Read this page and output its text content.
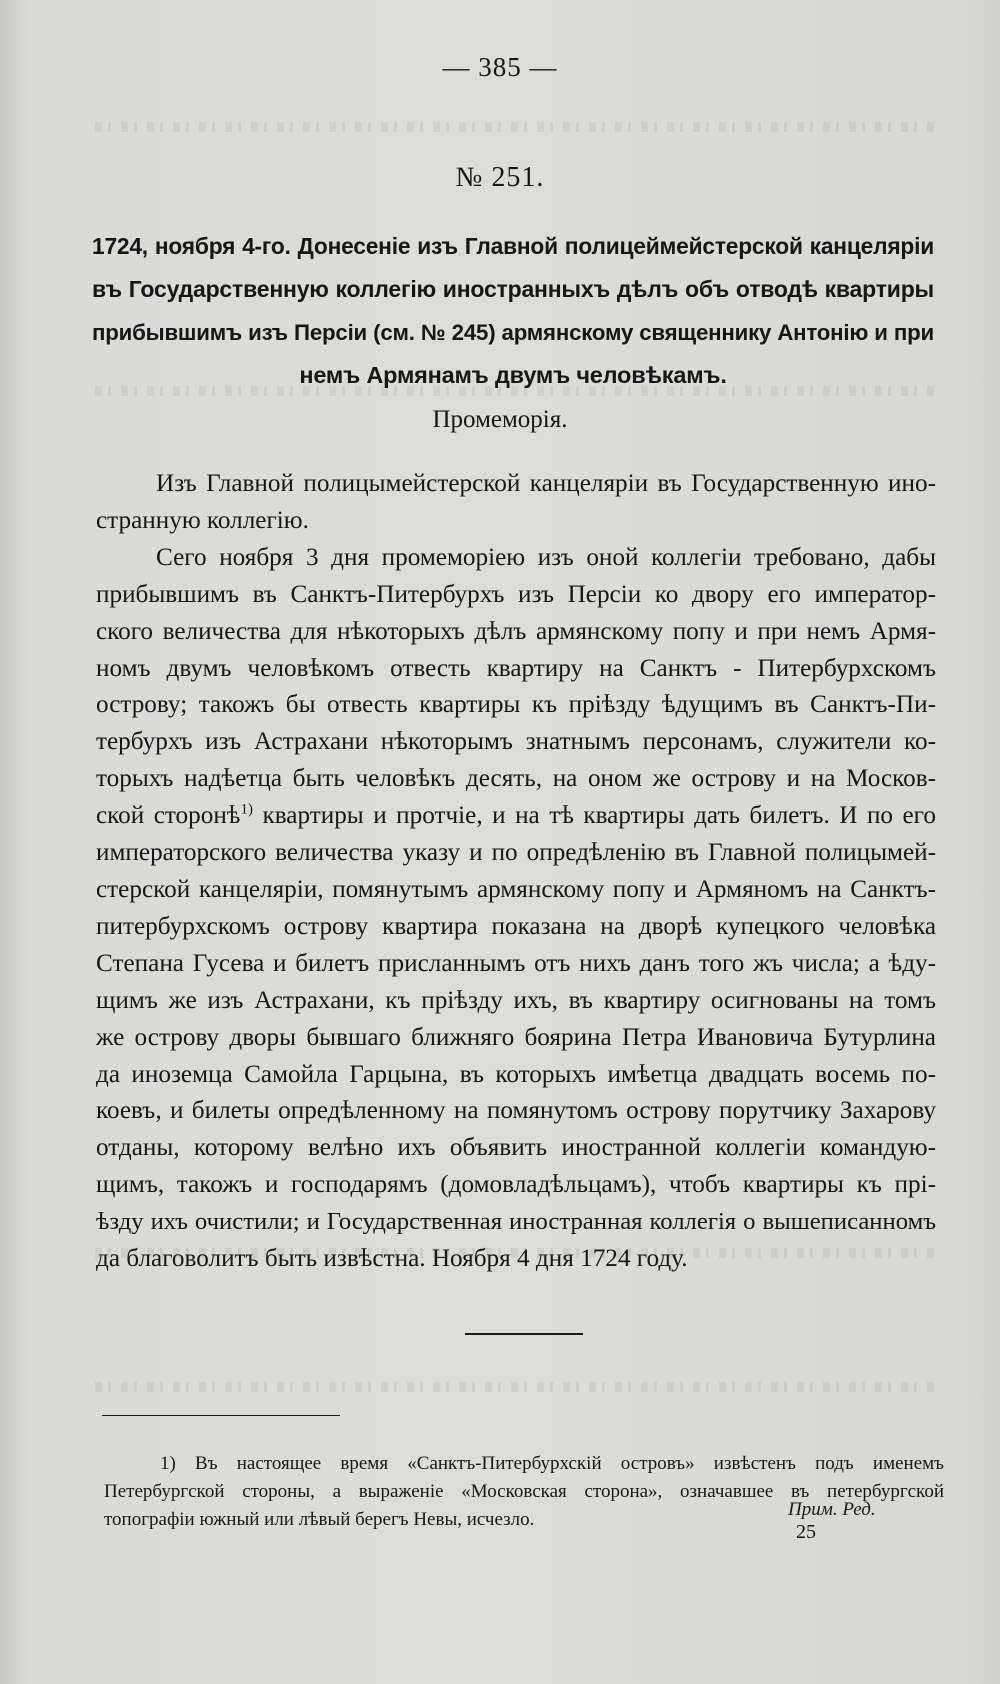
— 385 —
№ 251.
1724, ноября 4-го. Донесенiе изъ Главной полицеймейстерской канцелярiи
въ Государственную коллегiю иностранныхъ дѣлъ объ отводѣ квартиры
прибывшимъ изъ Персiи (см. № 245) армянскому священнику Антонiю и при
немъ Армянамъ двумъ человѣкамъ.
Промеморiя.
Изъ Главной полицымейстерской канцелярiи въ Государственную ино-
странную коллегiю.
Сего ноября 3 дня промеморiею изъ оной коллегiи требовано, дабы
прибывшимъ въ Санктъ-Питербурхъ изъ Персiи ко двору его император-
ского величества для нѣкоторыхъ дѣлъ армянскому попу и при немъ Армя-
номъ двумъ человѣкомъ отвесть квартиру на Санктъ - Питербурхскомъ
острову; такожъ бы отвесть квартиры къ прiѣзду ѣдущимъ въ Санктъ-Пи-
тербурхъ изъ Астрахани нѣкоторымъ знатнымъ персонамъ, служители ко-
торыхъ надѣетца быть человѣкъ десять, на оном же острову и на Москов-
ской сторонѣ$^{1)}$ квартиры и протчiе, и на тѣ квартиры дать билетъ. И по его
императорского величества указу и по опредѣленiю въ Главной полицымей-
стерской канцелярiи, помянутымъ армянскому попу и Армяномъ на Санктъ-
питербурхскомъ острову квартира показана на дворѣ купецкого человѣка
Степана Гусева и билетъ присланнымъ отъ нихъ данъ того жъ числа; а ѣду-
щимъ же изъ Астрахани, къ прiѣзду ихъ, въ квартиру осигнованы на томъ
же острову дворы бывшаго ближняго боярина Петра Ивановича Бутурлина
да иноземца Самойла Гарцына, въ которыхъ имѣетца двадцать восемь по-
коевъ, и билеты опредѣленному на помянутомъ острову порутчику Захарову
отданы, которому велѣно ихъ объявить иностранной коллегiи командую-
щимъ, такожъ и господарямъ (домовладѣльцамъ), чтобъ квартиры къ прi-
ѣзду ихъ очистили; и Государственная иностранная коллегiя о вышеписанномъ
да благоволитъ быть извѣстна. Ноября 4 дня 1724 году.
1) Въ настоящее время «Санктъ-Питербурхскiй островъ» извѣстенъ подъ именемъ
Петербургской стороны, а выраженiе «Московская сторона», означавшее въ петербургской
топографiи южный или лѣвый берегъ Невы, исчезло.	Прим. Ред.
25
